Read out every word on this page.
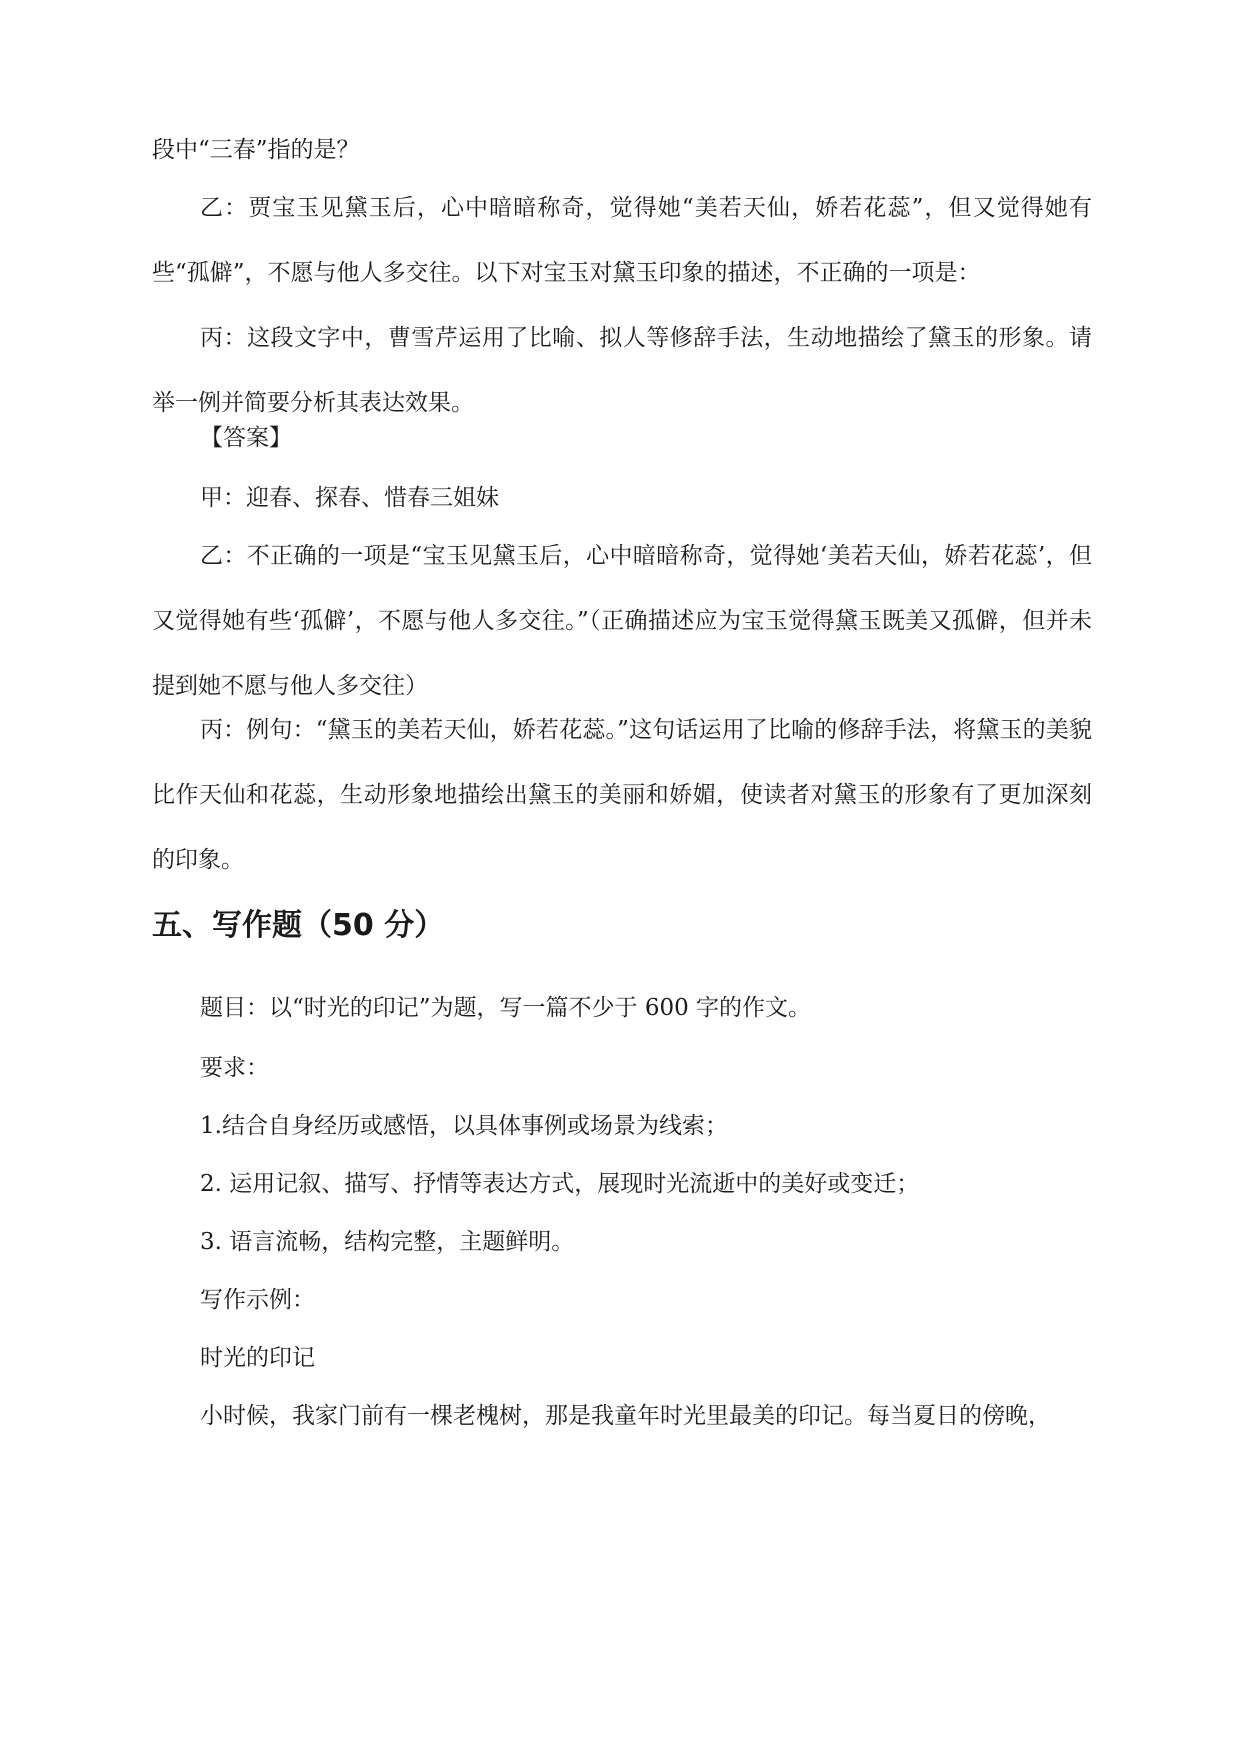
段中“三春”指的是？

乙：贾宝玉见黛玉后，心中暗暗称奇，觉得她“美若天仙，娇若花蕊”，但又觉得她有些“孤僻”，不愿与他人多交往。以下对宝玉对黛玉印象的描述，不正确的一项是：

丙：这段文字中，曹雪芹运用了比喻、拟人等修辞手法，生动地描绘了黛玉的形象。请举一例并简要分析其表达效果。

【答案】

甲：迎春、探春、惜春三姐妹

乙：不正确的一项是“宝玉见黛玉后，心中暗暗称奇，觉得她‘美若天仙，娇若花蕊’，但又觉得她有些‘孤僻’，不愿与他人多交往。”（正确描述应为宝玉觉得黛玉既美又孤僻，但并未提到她不愿与他人多交往）

丙：例句：“黛玉的美若天仙，娇若花蕊。”这句话运用了比喻的修辞手法，将黛玉的美貌比作天仙和花蕊，生动形象地描绘出黛玉的美丽和娇媚，使读者对黛玉的形象有了更加深刻的印象。

五、写作题（50 分）

题目：以“时光的印记”为题，写一篇不少于 600 字的作文。

要求：

1.结合自身经历或感悟，以具体事例或场景为线索；

2. 运用记叙、描写、抒情等表达方式，展现时光流逝中的美好或变迁；

3. 语言流畅，结构完整，主题鲜明。

写作示例：

时光的印记

小时候，我家门前有一棵老槐树，那是我童年时光里最美的印记。每当夏日的傍晚，
